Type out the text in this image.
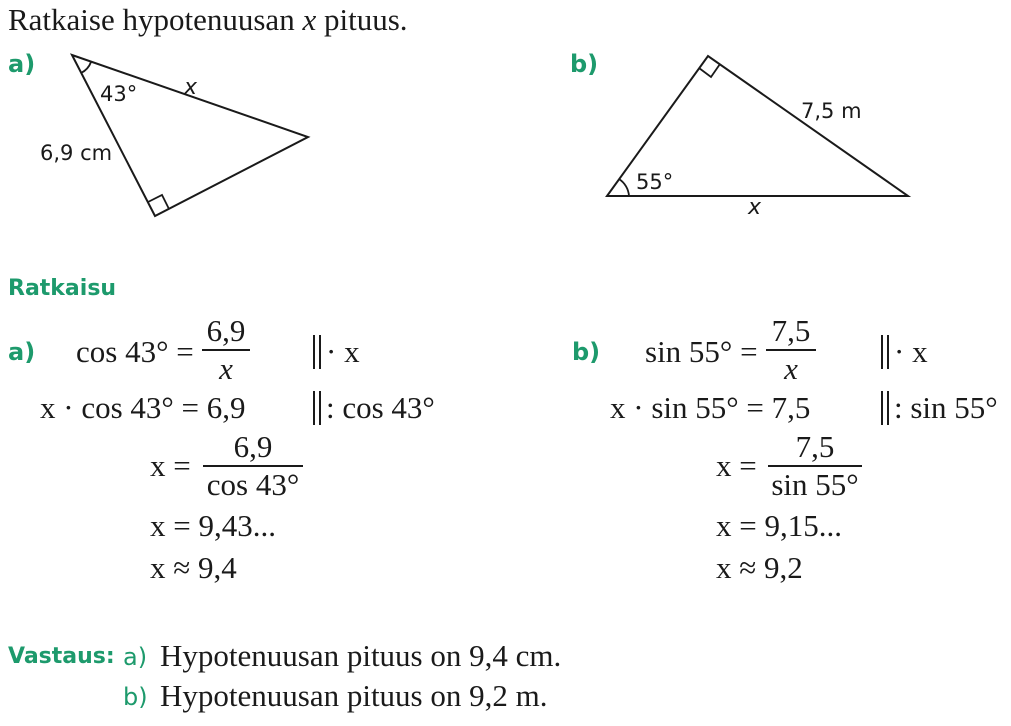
Ratkaise hypotenuusan x pituus.
a)	b)
43° x
6,9 cm
55°
7,5 m
x
Ratkaisu
a)	b)
cos 43° =
6,9
x	· x
x · cos 43° = 6,9	: cos 43°
x =
6,9
cos 43°
x = 9,43...
x ≈ 9,4
sin 55° =
7,5
x	· x
x · sin 55° = 7,5	: sin 55°
x =
7,5
sin 55°
x = 9,15...
x ≈ 9,2
Vastaus: a) Hypotenuusan pituus on 9,4 cm.
b) Hypotenuusan pituus on 9,2 m.
